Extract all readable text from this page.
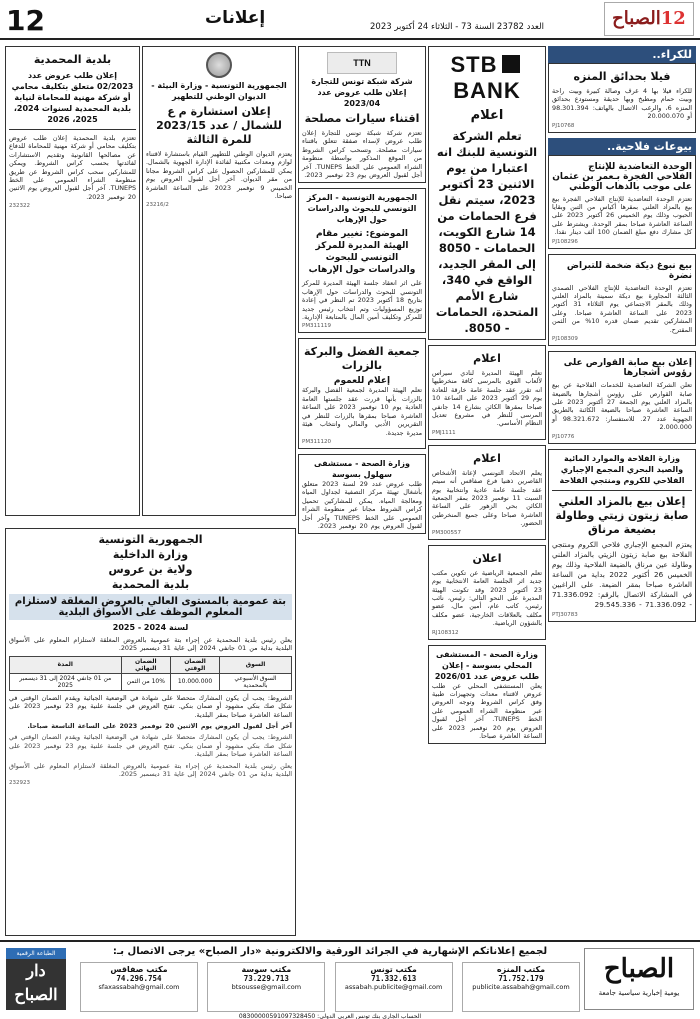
12	إعلانات	العدد 23782 السنة 73 - الثلاثاء 24 أكتوبر 2023	12الصباح
للكراء..
فيلا بحدائق المنزه
للكراء فيلا بها 4 غرف وصالة كبيرة وبيت راحة وبيت حمام ومطبخ وبها حديقة ومستودع بحدائق المنزه 6، والرغب الاتصال بالهاتف: 98.301.394 أو 20.000.070
PJ10768
بيوعات فلاحية..
الوحدة التعاضدية للإنتاج الفلاحي الفجرة بـعمر بن عثمان على موجب بالذهاب الوطني
تعتزم الوحدة التعاضدية للإنتاج الفلاحي الفجرة بيع بيع بالمزاد العلني بمقرها أكياس من التبن وبقايا الحبوب وذلك يوم الخميس 26 أكتوبر 2023 على الساعة العاشرة صباحا بمقر الوحدة. ويشترط على كل مشارك دفع مبلغ الضمان 100 ألف دينار نقدا.
PJ108296
بيع نبوغ ديكة ضخمة للتبراض نضرة
تعتزم الوحدة التعاضدية للإنتاج الفلاحي الصمدي الثالثة المجاورة بيع ديكة سمينة بالمزاد العلني وذلك بالمقر الاجتماعي يوم الثلاثاء 31 أكتوبر 2023 على الساعة العاشرة صباحا. وعلى المشاركين تقديم ضمان قدره 10% من الثمن المقترح.
PJ108309
إعلان بيع صابة القوارص على رؤوس أشجارها
تعلن الشركة التعاضدية للخدمات الفلاحية عن بيع صابة القوارص على رؤوس أشجارها بالضيعة بالمزاد العلني يوم الجمعة 27 أكتوبر 2023 على الساعة العاشرة صباحا بالضيعة الكائنة بالطريق الجهوية عدد 27. للاستفسار: 98.321.672 أو 2.000.000
PJ10776
وزارة الفلاحة والموارد المائية والصيد البحري المجمع الإجباري الفلاحي للكروم ومنتجي الفلاحة
إعلان بيع بالمزاد العلني صابة زيتون زيتي وطاولة بضيعة مرناق
يعتزم المجمع الإجباري فلاحي الكروم ومنتجي الفلاحة بيع صابة زيتون الزيتي بالمزاد العلني وطاولة عين مرناق بالضيعة الفلاحية وذلك يوم الخميس 26 أكتوبر 2022 بداية من الساعة العاشرة صباحا بمقر الضيعة. على الراغبين في المشاركة الاتصال بالرقم: 71.336.092 - 71.336.092 - 29.545.336
PTJ30783
STBBANK
اعلام
تعلم الشركة التونسية للبنك انه اعتبارا من يوم الاثنين 23 أكتوبر 2023، سيتم نقل فرع الحمامات من 14 شارع الكويت، الحمامات - 8050 إلى المقر الجديد، الواقع في 340، شارع الأمم المتحدة، الحمامات - 8050.
اعلام
تعلم الهيئة المديرة لنادي سيراس لألعاب القوى بالمرسى كافة منخرطيها انه تقرر عقد جلسة عامة خارقة للعادة يوم 29 أكتوبر 2023 على الساعة 10 صباحا بمقرها الكائن بشارع 14 جانفي المرسى للنظر في مشروع تعديل النظام الأساسي.
PMJ1111
اعلام
يعلم الاتحاد التونسي لإعانة الأشخاص القاصرين ذهنيا فرع صفاقس أنه سيتم عقد جلسة عامة عادية وانتخابية يوم السبت 11 نوفمبر 2023 بمقر الجمعية الكائن بحي الزهور على الساعة العاشرة صباحا وعلى جميع المنخرطين الحضور.
PM300557
اعلان
تعلم الجمعية الرياضية عن تكوين مكتب جديد اثر الجلسة العامة الانتخابية يوم 23 أكتوبر 2023 وقد تكونت الهيئة المديرة على النحو التالي: رئيس، نائب رئيس، كاتب عام، أمين مال، عضو مكلف بالعلاقات الخارجية، عضو مكلف بالشؤون الرياضية.
RJ108312
وزارة الصحة - المستشفى المحلي بسوسة - إعلان طلب عروض عدد 2026/01
يعلن المستشفى المحلي عن طلب عروض لاقتناء معدات وتجهيزات طبية وفق كراس الشروط وتوجه العروض عبر منظومة الشراء العمومي على الخط TUNEPS. آخر أجل لقبول العروض يوم 20 نوفمبر 2023 على الساعة العاشرة صباحا.
TTN
شركة شبكة تونس للتجارة إعلان طلب عروض عدد 2023/04
اقتناء سيارات مصلحة
تعتزم شركة شبكة تونس للتجارة إعلان طلب عروض لإسداء صفقة تتعلق باقتناء سيارات مصلحة. وتسحب كراس الشروط من الموقع المذكور بواسطة منظومة الشراء العمومي على الخط TUNEPS. آخر أجل لقبول العروض يوم 23 نوفمبر 2023.
الجمهورية التونسية - المركز التونسي للبحوث والدراسات حول الإرهاب
الموضوع: تغيير مقام الهيئة المديرة للمركز التونسي للبحوث والدراسات حول الإرهاب
على اثر انعقاد جلسة الهيئة المديرة للمركز التونسي للبحوث والدراسات حول الإرهاب بتاريخ 18 أكتوبر 2023 تم النظر في إعادة توزيع المسؤوليات وتم انتخاب رئيس جديد للمركز وتكليف أمين المال بالمتابعة الإدارية.
PM311119
جمعية الفضل والبركة بالزرات
إعلام للعموم
تعلم الهيئة المديرة لجمعية الفضل والبركة بالزرات بأنها قررت عقد جلستها العامة العادية يوم 10 نوفمبر 2023 على الساعة العاشرة صباحا بمقرها بالزرات للنظر في التقريرين الأدبي والمالي وانتخاب هيئة مديرة جديدة.
PM311120
وزارة الصحة - مستشفى سهلول بسوسة
طلب عروض عدد 29 لسنة 2023 متعلق بأشغال تهيئة مركز التصفية لجداول المياه ومعالجة المياه. يمكن للمشاركين تحميل كراس الشروط مجانا عبر منظومة الشراء العمومي على الخط TUNEPS وآخر أجل لقبول العروض يوم 20 نوفمبر 2023.
الجمهورية التونسية - وزارة البيئة - الديوان الوطني للتطهير
إعلان استشارة م ع للشمال / عدد 2023/15 للمرة الثالثة
يعتزم الديوان الوطني للتطهير القيام باستشارة لاقتناء لوازم ومعدات مكتبية لفائدة الإدارة الجهوية بالشمال. يمكن للمشاركين الحصول على كراس الشروط مجانا من مقر الديوان. آخر أجل لقبول العروض يوم الخميس 9 نوفمبر 2023 على الساعة العاشرة صباحا.
23216/2
بلدية المحمدية
إعلان طلب عروض عدد 02/2023 متعلق بتكليف محامي أو شركة مهنية للمحاماة لنيابة بلدية المحمدية لسنوات 2024، 2025، 2026
تعتزم بلدية المحمدية إعلان طلب عروض بتكليف محامي أو شركة مهنية للمحاماة للدفاع عن مصالحها القانونية وتقديم الاستشارات لفائدتها بحسب كراس الشروط. ويمكن للمشاركين سحب كراس الشروط عن طريق منظومة الشراء العمومي على الخط TUNEPS. آخر أجل لقبول العروض يوم الاثنين 20 نوفمبر 2023.
232322
الجمهورية التونسية
وزارة الداخلية
ولاية بن عروس
بلدية المحمدية
بتة عمومية بالمستوى العالي بالعروض المغلقة لاستلزام المعلوم الموظف على الأسواق البلدية
لسنة 2024 - 2025
يعلن رئيس بلدية المحمدية عن إجراء بتة عمومية بالعروض المغلقة لاستلزام المعلوم على الأسواق البلدية بداية من 01 جانفي 2024 إلى غاية 31 ديسمبر 2025.
السوق	الضمان الوقتي	الضمان النهائي	المدة
السوق الأسبوعي بالمحمدية	10.000.000	10% من الثمن	من 01 جانفي 2024 إلى 31 ديسمبر 2025
الشروط: يجب أن يكون المشارك متحصلا على شهادة في الوضعية الجبائية ويقدم الضمان الوقتي في شكل صك بنكي مشهود أو ضمان بنكي. تفتح العروض في جلسة علنية يوم 23 نوفمبر 2023 على الساعة العاشرة صباحا بمقر البلدية.
آخر أجل لقبول العروض يوم الاثنين 20 نوفمبر 2023 على الساعة التاسعة صباحا.
الشروط: يجب أن يكون المشارك متحصلا على شهادة في الوضعية الجبائية ويقدم الضمان الوقتي في شكل صك بنكي مشهود أو ضمان بنكي. تفتح العروض في جلسة علنية يوم 23 نوفمبر 2023 على الساعة العاشرة صباحا بمقر البلدية.
يعلن رئيس بلدية المحمدية عن إجراء بتة عمومية بالعروض المغلقة لاستلزام المعلوم على الأسواق البلدية بداية من 01 جانفي 2024 إلى غاية 31 ديسمبر 2025.
232923
الصباح
يومية إخبارية سياسية جامعة
الطباعة الرقمية
دار الصباح
لجميع إعلاناتكم الإشهارية في الجرائد الورقية والالكترونية «دار الصباح» يرجى الاتصال بـ:
مكتب صفاقس
74.296.754
sfaxassabah@gmail.com
مكتب سوسة
73.229.713
btsousse@gmail.com
مكتب تونس
71.332.613
assabah.publicite@gmail.com
مكتب المنزه
71.752.179
publicite.assabah@gmail.com
الحساب الجاري بنك تونس العربي الدولي: 08300000591097328450
